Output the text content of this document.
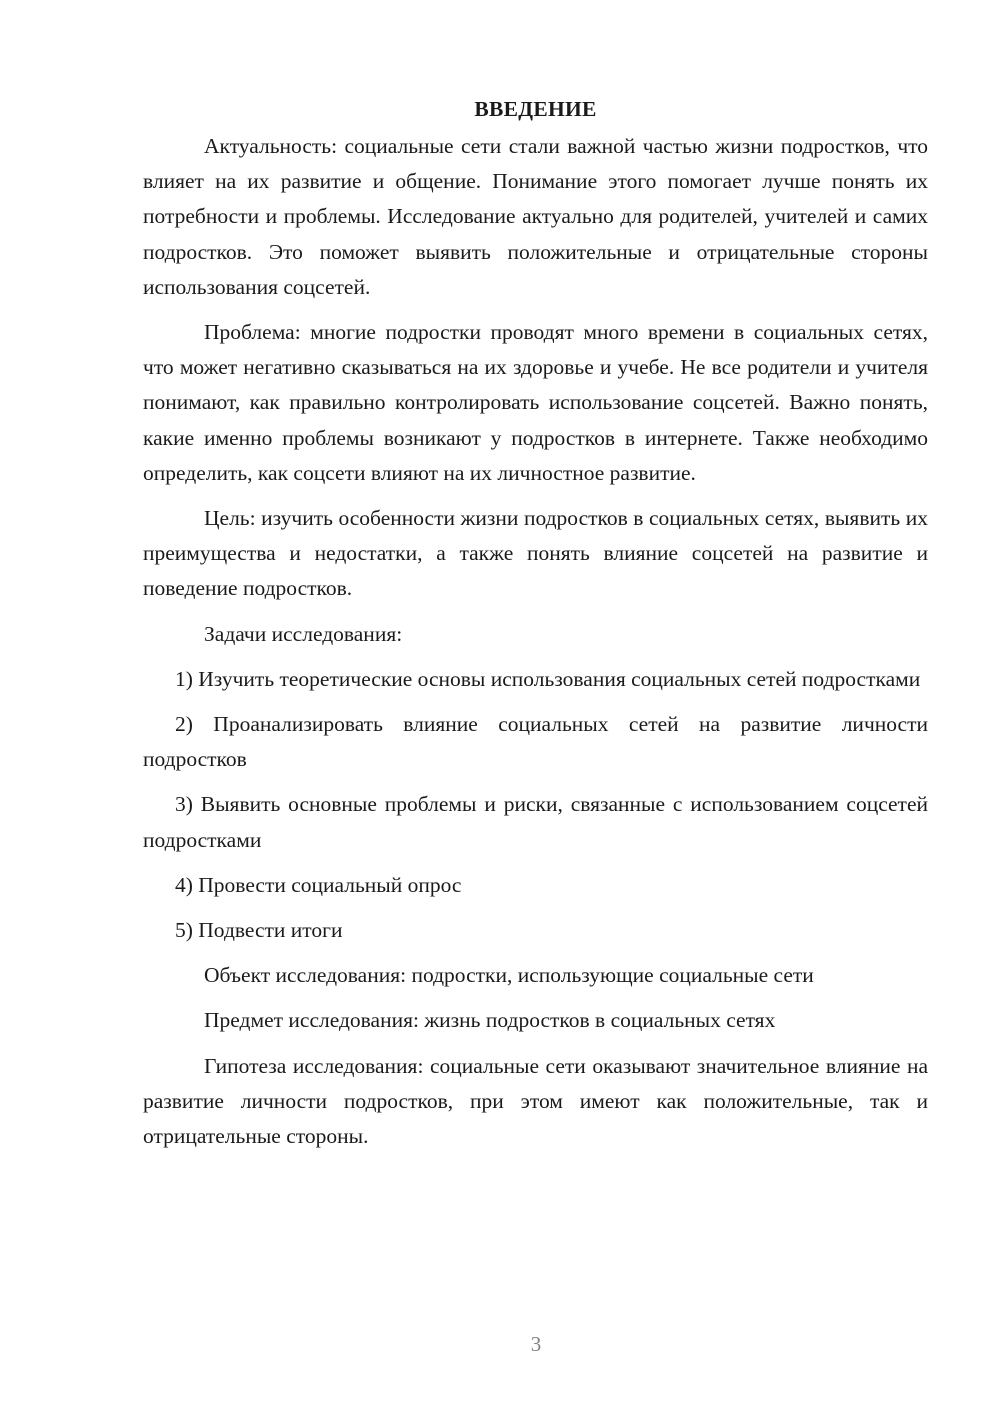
ВВЕДЕНИЕ

Актуальность: социальные сети стали важной частью жизни подростков, что влияет на их развитие и общение. Понимание этого помогает лучше понять их потребности и проблемы. Исследование актуально для родителей, учителей и самих подростков. Это поможет выявить положительные и отрицательные стороны использования соцсетей.

Проблема: многие подростки проводят много времени в социальных сетях, что может негативно сказываться на их здоровье и учебе. Не все родители и учителя понимают, как правильно контролировать использование соцсетей. Важно понять, какие именно проблемы возникают у подростков в интернете. Также необходимо определить, как соцсети влияют на их личностное развитие.

Цель: изучить особенности жизни подростков в социальных сетях, выявить их преимущества и недостатки, а также понять влияние соцсетей на развитие и поведение подростков.

Задачи исследования:

1) Изучить теоретические основы использования социальных сетей подростками

2) Проанализировать влияние социальных сетей на развитие личности подростков

3) Выявить основные проблемы и риски, связанные с использованием соцсетей подростками

4) Провести социальный опрос

5) Подвести итоги

Объект исследования: подростки, использующие социальные сети

Предмет исследования: жизнь подростков в социальных сетях

Гипотеза исследования: социальные сети оказывают значительное влияние на развитие личности подростков, при этом имеют как положительные, так и отрицательные стороны.

3
